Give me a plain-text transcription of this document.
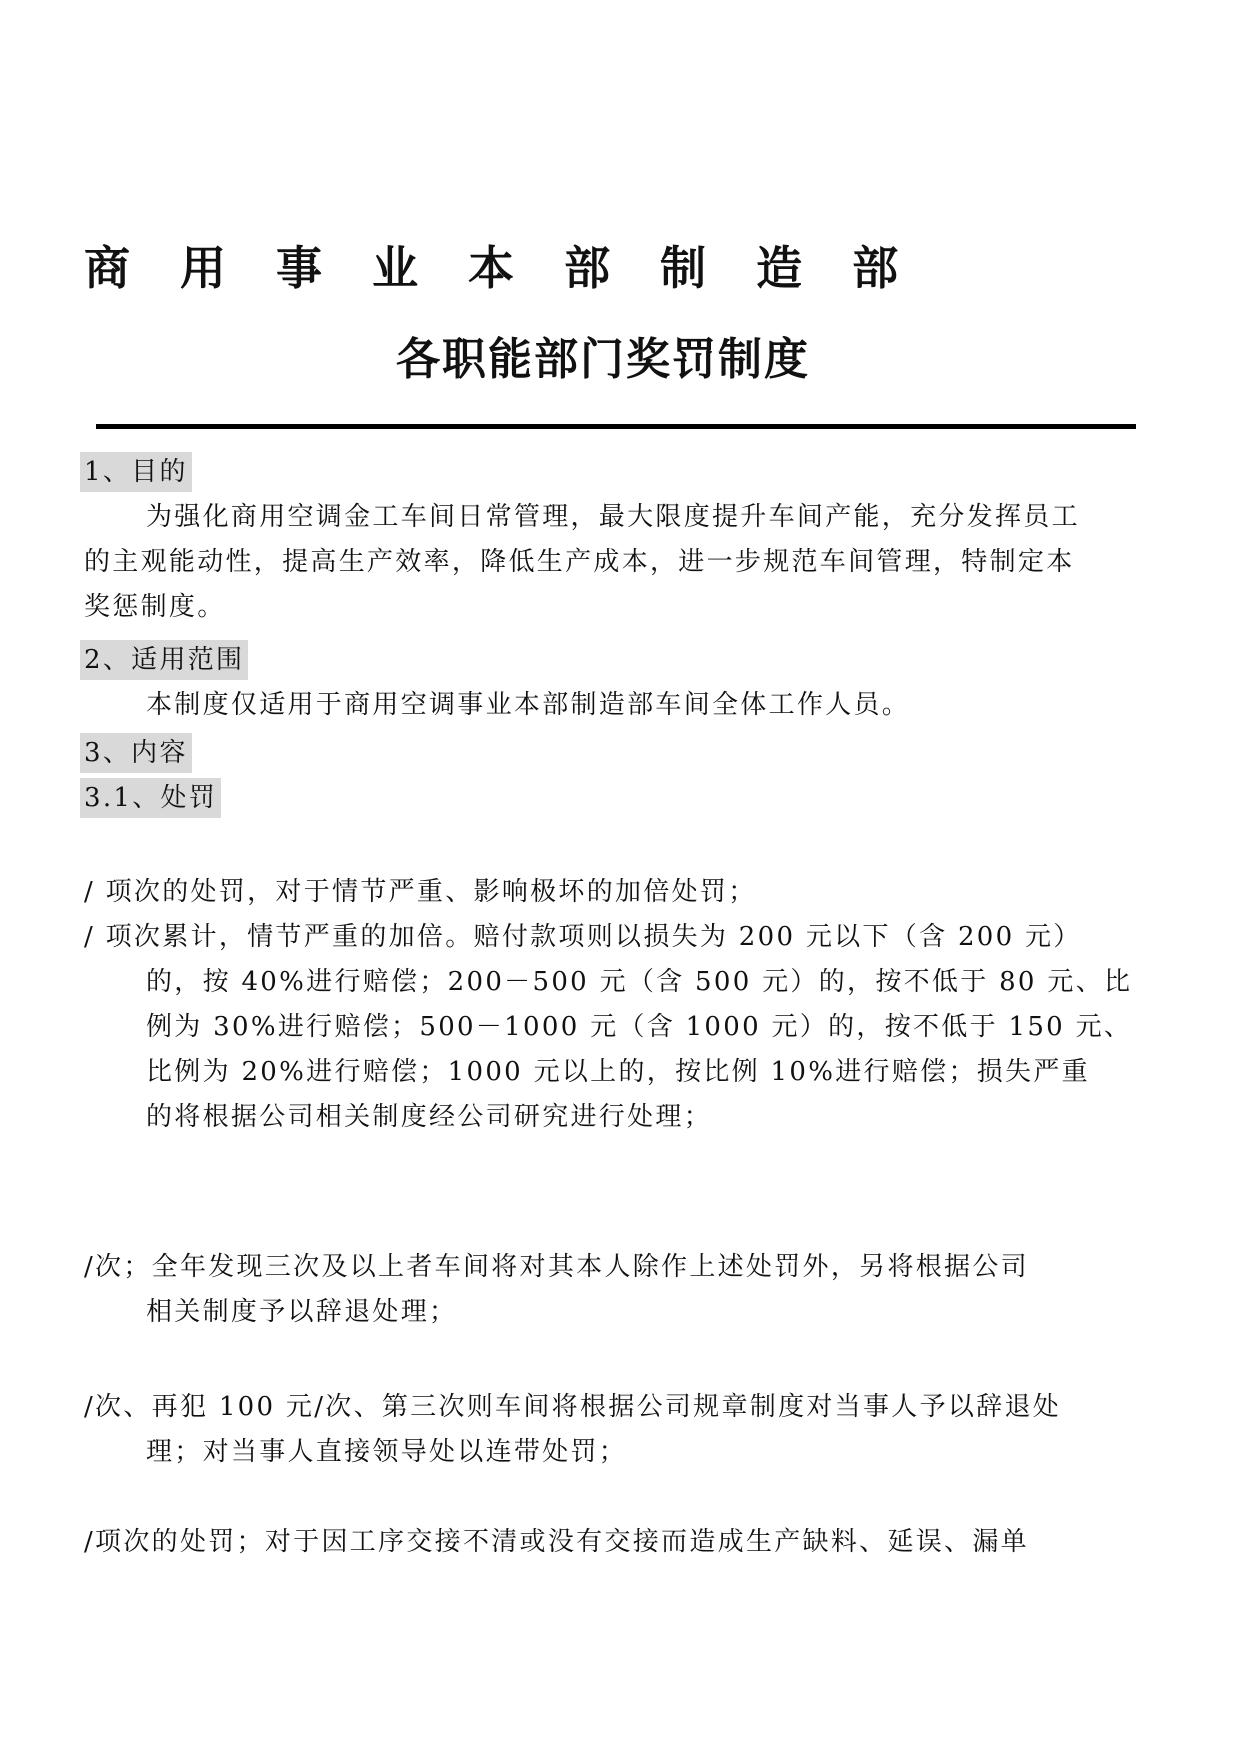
商 用 事 业 本 部 制 造 部
各职能部门奖罚制度
1、目的
为强化商用空调金工车间日常管理，最大限度提升车间产能，充分发挥员工
的主观能动性，提高生产效率，降低生产成本，进一步规范车间管理，特制定本
奖惩制度。
2、适用范围
本制度仅适用于商用空调事业本部制造部车间全体工作人员。
3、内容
3.1、处罚
/ 项次的处罚，对于情节严重、影响极坏的加倍处罚；
/ 项次累计，情节严重的加倍。赔付款项则以损失为 200 元以下（含 200 元）
的，按 40%进行赔偿；200－500 元（含 500 元）的，按不低于 80 元、比
例为 30%进行赔偿；500－1000 元（含 1000 元）的，按不低于 150 元、
比例为 20%进行赔偿；1000 元以上的，按比例 10%进行赔偿；损失严重
的将根据公司相关制度经公司研究进行处理；
/次；全年发现三次及以上者车间将对其本人除作上述处罚外，另将根据公司
相关制度予以辞退处理；
/次、再犯 100 元/次、第三次则车间将根据公司规章制度对当事人予以辞退处
理；对当事人直接领导处以连带处罚；
/项次的处罚；对于因工序交接不清或没有交接而造成生产缺料、延误、漏单
